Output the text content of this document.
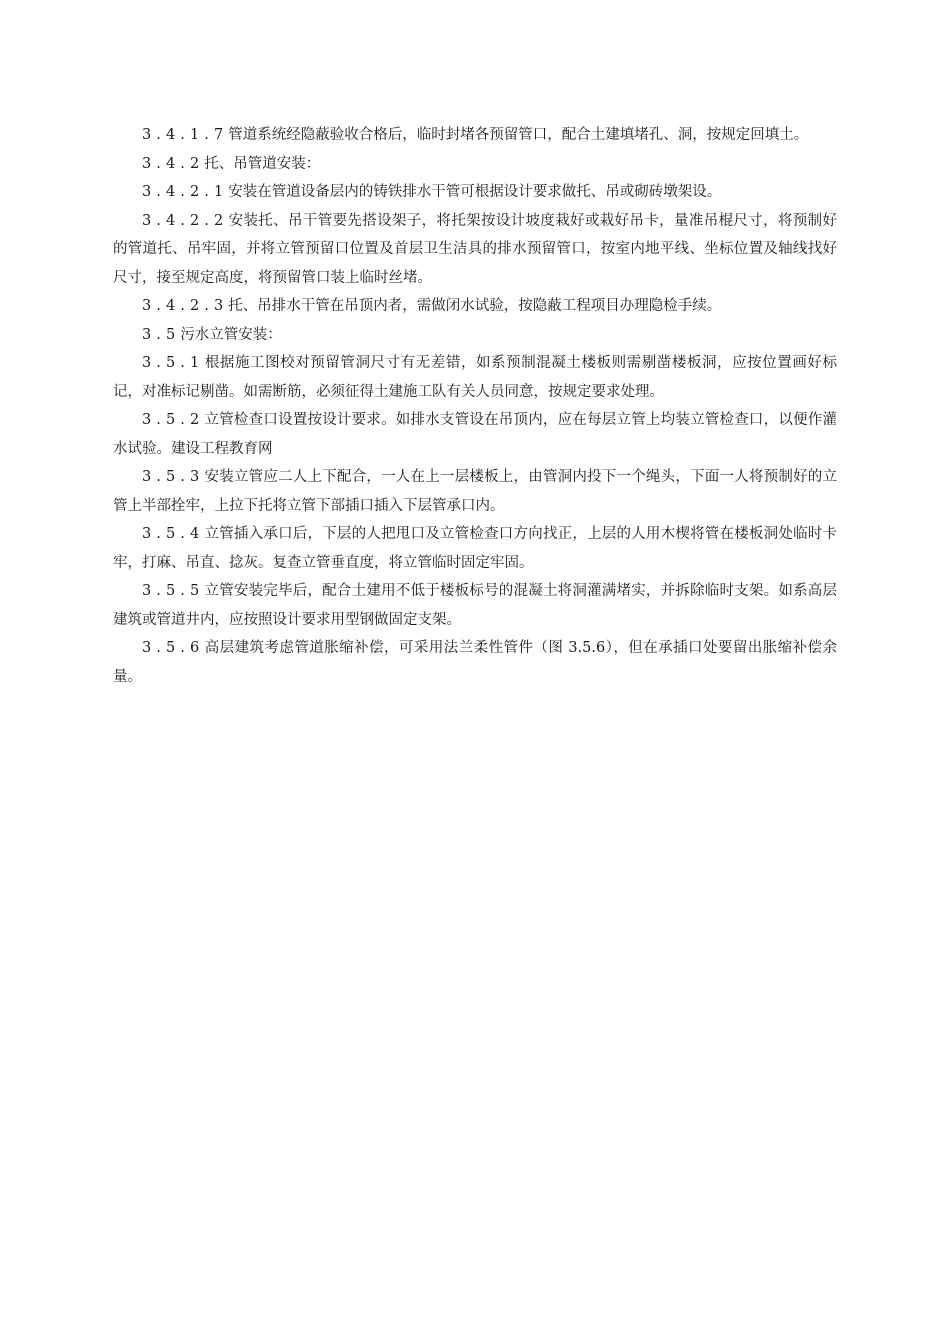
3.4.1.7管道系统经隐蔽验收合格后，临时封堵各预留管口，配合土建填堵孔、洞，按规定回填土。

3.4.2托、吊管道安装：

3.4.2.1安装在管道设备层内的铸铁排水干管可根据设计要求做托、吊或砌砖墩架设。

3.4.2.2安装托、吊干管要先搭设架子，将托架按设计坡度栽好或栽好吊卡，量准吊棍尺寸，将预制好的管道托、吊牢固，并将立管预留口位置及首层卫生洁具的排水预留管口，按室内地平线、坐标位置及轴线找好尺寸，接至规定高度，将预留管口装上临时丝堵。

3.4.2.3托、吊排水干管在吊顶内者，需做闭水试验，按隐蔽工程项目办理隐检手续。

3.5污水立管安装：

3.5.1根据施工图校对预留管洞尺寸有无差错，如系预制混凝土楼板则需剔凿楼板洞，应按位置画好标记，对准标记剔凿。如需断筋，必须征得土建施工队有关人员同意，按规定要求处理。

3.5.2立管检查口设置按设计要求。如排水支管设在吊顶内，应在每层立管上均装立管检查口，以便作灌水试验。建设工程教育网

3.5.3安装立管应二人上下配合，一人在上一层楼板上，由管洞内投下一个绳头，下面一人将预制好的立管上半部拴牢，上拉下托将立管下部插口插入下层管承口内。

3.5.4立管插入承口后，下层的人把甩口及立管检查口方向找正，上层的人用木楔将管在楼板洞处临时卡牢，打麻、吊直、捻灰。复查立管垂直度，将立管临时固定牢固。

3.5.5立管安装完毕后，配合土建用不低于楼板标号的混凝土将洞灌满堵实，并拆除临时支架。如系高层建筑或管道井内，应按照设计要求用型钢做固定支架。

3.5.6高层建筑考虑管道胀缩补偿，可采用法兰柔性管件（图 3.5.6），但在承插口处要留出胀缩补偿余量。
